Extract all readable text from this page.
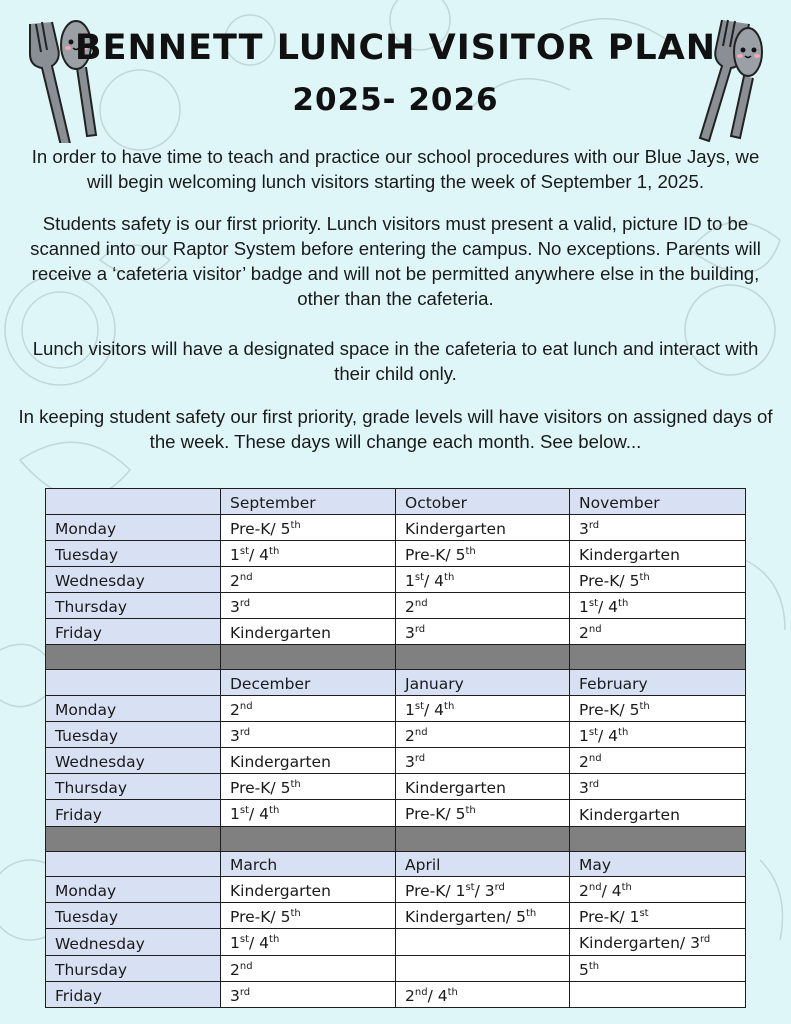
BENNETT LUNCH VISITOR PLAN
2025- 2026

In order to have time to teach and practice our school procedures with our Blue Jays, we will begin welcoming lunch visitors starting the week of September 1, 2025.

Students safety is our first priority. Lunch visitors must present a valid, picture ID to be scanned into our Raptor System before entering the campus. No exceptions. Parents will receive a ‘cafeteria visitor’ badge and will not be permitted anywhere else in the building, other than the cafeteria.

Lunch visitors will have a designated space in the cafeteria to eat lunch and interact with their child only.

In keeping student safety our first priority, grade levels will have visitors on assigned days of the week. These days will change each month. See below...

	September	October	November
Monday	Pre-K/ 5th	Kindergarten	3rd
Tuesday	1st/ 4th	Pre-K/ 5th	Kindergarten
Wednesday	2nd	1st/ 4th	Pre-K/ 5th
Thursday	3rd	2nd	1st/ 4th
Friday	Kindergarten	3rd	2nd

	December	January	February
Monday	2nd	1st/ 4th	Pre-K/ 5th
Tuesday	3rd	2nd	1st/ 4th
Wednesday	Kindergarten	3rd	2nd
Thursday	Pre-K/ 5th	Kindergarten	3rd
Friday	1st/ 4th	Pre-K/ 5th	Kindergarten

	March	April	May
Monday	Kindergarten	Pre-K/ 1st/ 3rd	2nd/ 4th
Tuesday	Pre-K/ 5th	Kindergarten/ 5th	Pre-K/ 1st
Wednesday	1st/ 4th		Kindergarten/ 3rd
Thursday	2nd		5th
Friday	3rd	2nd/ 4th	
